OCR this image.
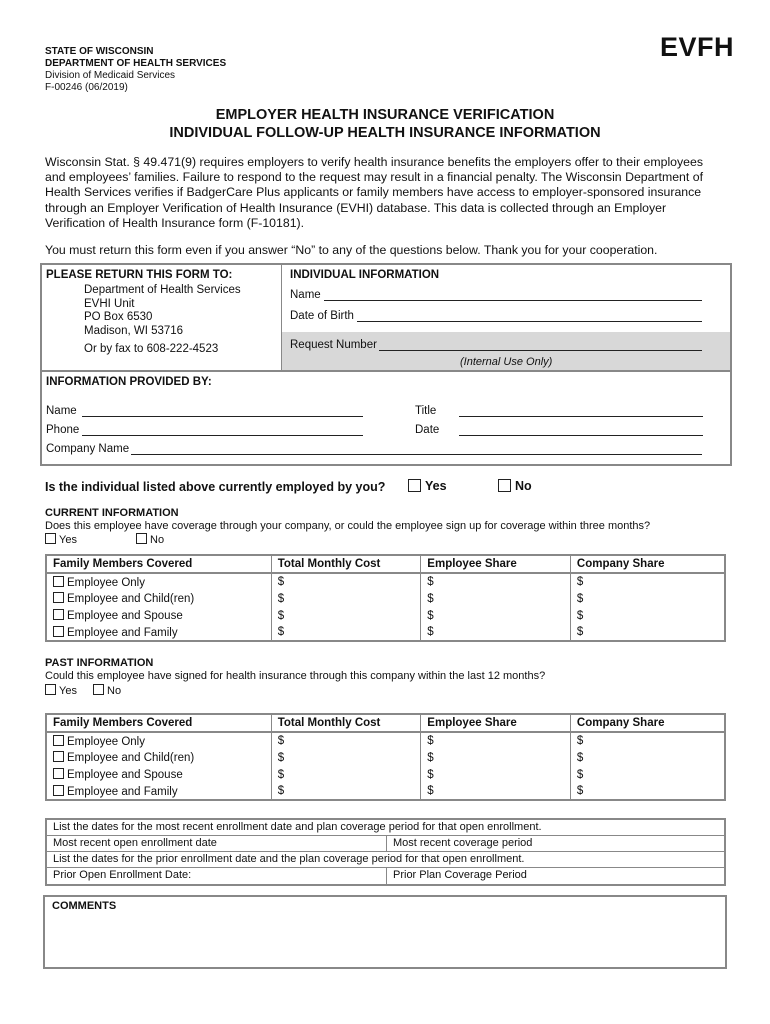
STATE OF WISCONSIN
DEPARTMENT OF HEALTH SERVICES
Division of Medicaid Services
F-00246 (06/2019)
EVFH
EMPLOYER HEALTH INSURANCE VERIFICATION
INDIVIDUAL FOLLOW-UP HEALTH INSURANCE INFORMATION
Wisconsin Stat. § 49.471(9) requires employers to verify health insurance benefits the employers offer to their employees and employees’ families. Failure to respond to the request may result in a financial penalty. The Wisconsin Department of Health Services verifies if BadgerCare Plus applicants or family members have access to employer-sponsored insurance through an Employer Verification of Health Insurance (EVHI) database. This data is collected through an Employer Verification of Health Insurance form (F-10181).
You must return this form even if you answer “No” to any of the questions below. Thank you for your cooperation.
PLEASE RETURN THIS FORM TO:
Department of Health Services
EVHI Unit
PO Box 6530
Madison, WI 53716
Or by fax to 608-222-4523
INDIVIDUAL INFORMATION
Name
Date of Birth
Request Number
(Internal Use Only)
INFORMATION PROVIDED BY:
Name
Phone
Company Name
Title
Date
Is the individual listed above currently employed by you?	Yes	No
CURRENT INFORMATION
Does this employee have coverage through your company, or could the employee sign up for coverage within three months?
Yes	No
Family Members Covered	Total Monthly Cost	Employee Share	Company Share
Employee Only	$	$	$
Employee and Child(ren)	$	$	$
Employee and Spouse	$	$	$
Employee and Family	$	$	$
PAST INFORMATION
Could this employee have signed for health insurance through this company within the last 12 months?
Yes	No
Family Members Covered	Total Monthly Cost	Employee Share	Company Share
Employee Only	$	$	$
Employee and Child(ren)	$	$	$
Employee and Spouse	$	$	$
Employee and Family	$	$	$
List the dates for the most recent enrollment date and plan coverage period for that open enrollment.
Most recent open enrollment date	Most recent coverage period
List the dates for the prior enrollment date and the plan coverage period for that open enrollment.
Prior Open Enrollment Date:	Prior Plan Coverage Period
COMMENTS
